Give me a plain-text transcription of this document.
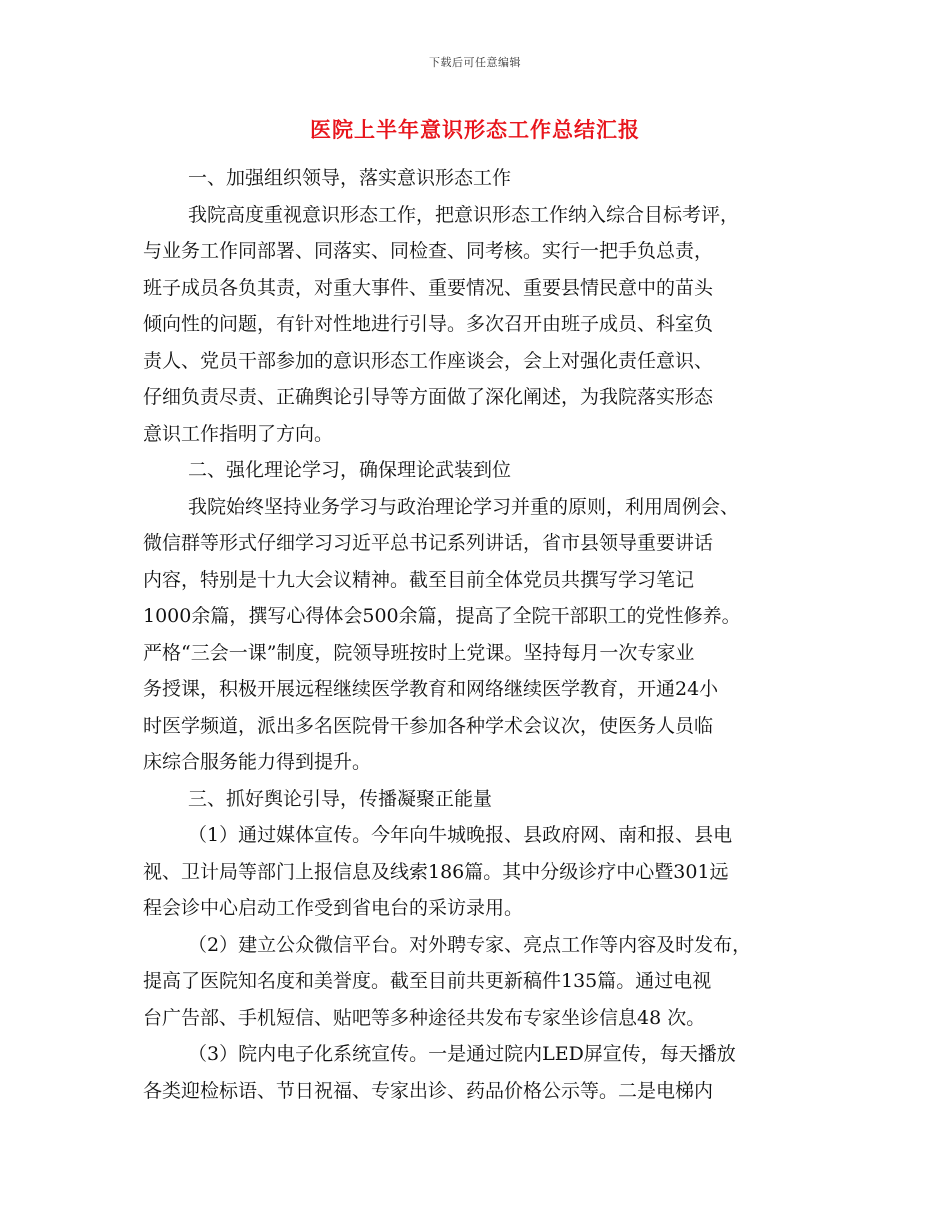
下载后可任意编辑
医院上半年意识形态工作总结汇报
一、加强组织领导，落实意识形态工作
我院高度重视意识形态工作，把意识形态工作纳入综合目标考评，
与业务工作同部署、同落实、同检查、同考核。实行一把手负总责，
班子成员各负其责，对重大事件、重要情况、重要县情民意中的苗头
倾向性的问题，有针对性地进行引导。多次召开由班子成员、科室负
责人、党员干部参加的意识形态工作座谈会，会上对强化责任意识、
仔细负责尽责、正确舆论引导等方面做了深化阐述，为我院落实形态
意识工作指明了方向。
二、强化理论学习，确保理论武装到位
我院始终坚持业务学习与政治理论学习并重的原则，利用周例会、
微信群等形式仔细学习习近平总书记系列讲话，省市县领导重要讲话
内容，特别是十九大会议精神。截至目前全体党员共撰写学习笔记
1000余篇，撰写心得体会500余篇，提高了全院干部职工的党性修养。
严格“三会一课”制度，院领导班按时上党课。坚持每月一次专家业
务授课，积极开展远程继续医学教育和网络继续医学教育，开通24小
时医学频道，派出多名医院骨干参加各种学术会议次，使医务人员临
床综合服务能力得到提升。
三、抓好舆论引导，传播凝聚正能量
（1）通过媒体宣传。今年向牛城晚报、县政府网、南和报、县电
视、卫计局等部门上报信息及线索186篇。其中分级诊疗中心暨301远
程会诊中心启动工作受到省电台的采访录用。
（2）建立公众微信平台。对外聘专家、亮点工作等内容及时发布，
提高了医院知名度和美誉度。截至目前共更新稿件135篇。通过电视
台广告部、手机短信、贴吧等多种途径共发布专家坐诊信息48 次。
（3）院内电子化系统宣传。一是通过院内LED屏宣传，每天播放
各类迎检标语、节日祝福、专家出诊、药品价格公示等。二是电梯内
